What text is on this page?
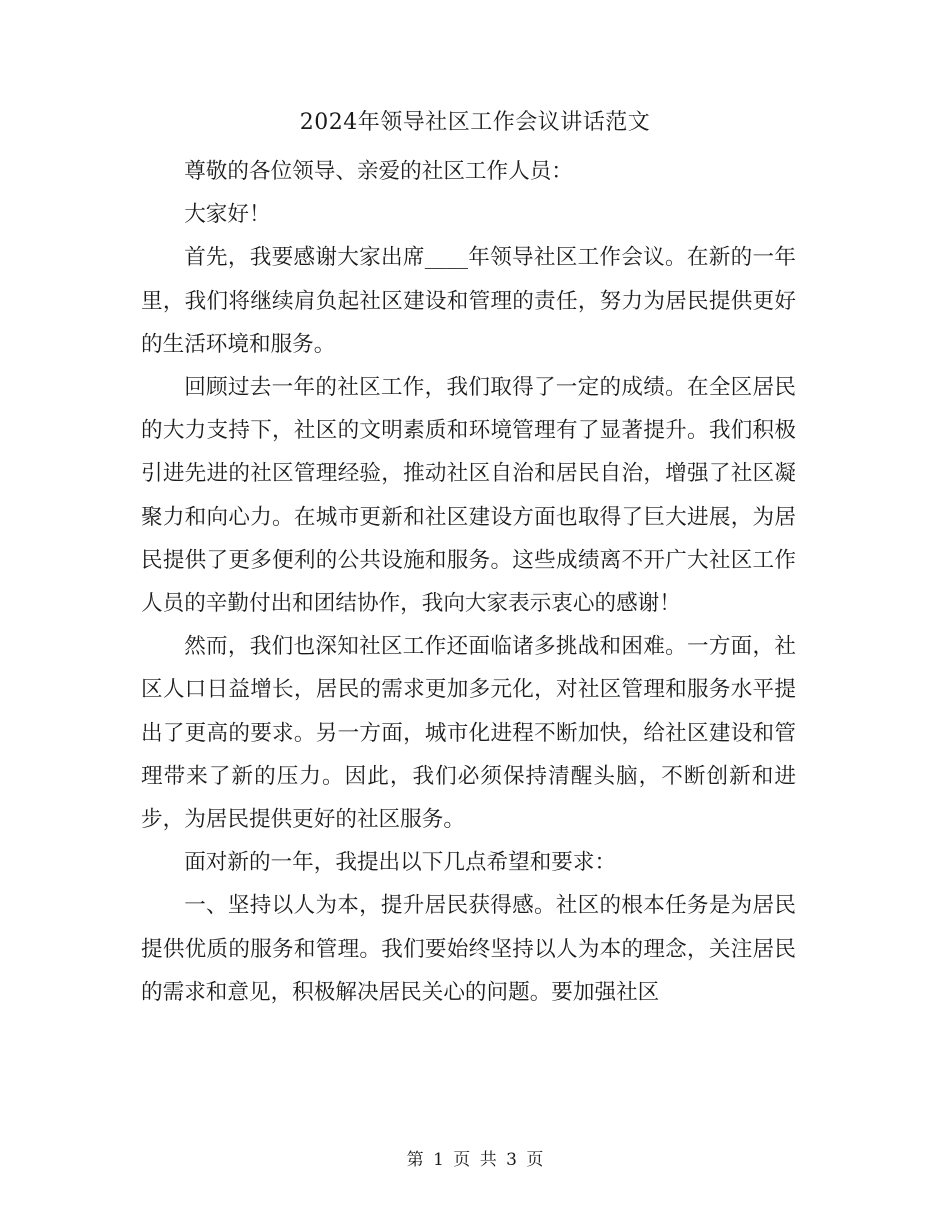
2024年领导社区工作会议讲话范文

尊敬的各位领导、亲爱的社区工作人员：

大家好！

首先，我要感谢大家出席____年领导社区工作会议。在新的一年里，我们将继续肩负起社区建设和管理的责任，努力为居民提供更好的生活环境和服务。

回顾过去一年的社区工作，我们取得了一定的成绩。在全区居民的大力支持下，社区的文明素质和环境管理有了显著提升。我们积极引进先进的社区管理经验，推动社区自治和居民自治，增强了社区凝聚力和向心力。在城市更新和社区建设方面也取得了巨大进展，为居民提供了更多便利的公共设施和服务。这些成绩离不开广大社区工作人员的辛勤付出和团结协作，我向大家表示衷心的感谢！

然而，我们也深知社区工作还面临诸多挑战和困难。一方面，社区人口日益增长，居民的需求更加多元化，对社区管理和服务水平提出了更高的要求。另一方面，城市化进程不断加快，给社区建设和管理带来了新的压力。因此，我们必须保持清醒头脑，不断创新和进步，为居民提供更好的社区服务。

面对新的一年，我提出以下几点希望和要求：

一、坚持以人为本，提升居民获得感。社区的根本任务是为居民提供优质的服务和管理。我们要始终坚持以人为本的理念，关注居民的需求和意见，积极解决居民关心的问题。要加强社区

第 1 页 共 3 页
